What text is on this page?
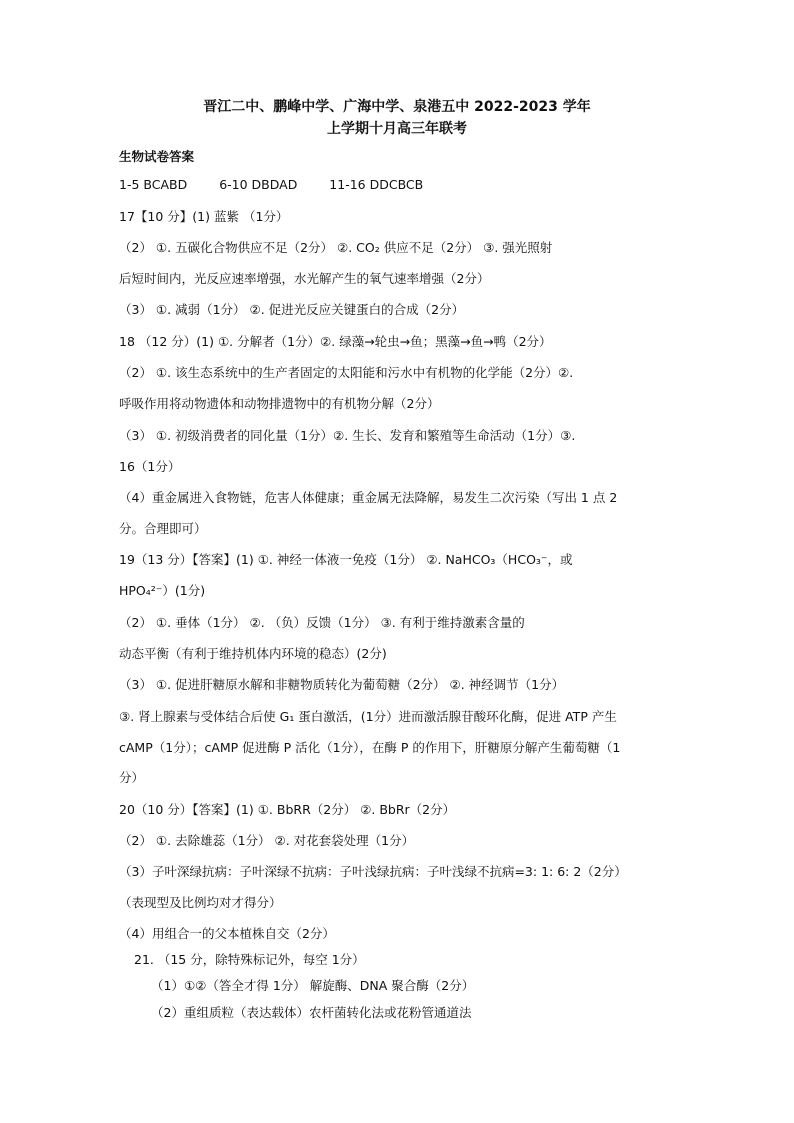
晋江二中、鹏峰中学、广海中学、泉港五中 2022-2023 学年
上学期十月高三年联考
生物试卷答案
1-5 BCABD	6-10 DBDAD	11-16 DDCBCB
17【10 分】(1) 蓝紫 （1分）
（2） ①. 五碳化合物供应不足（2分） ②. CO₂ 供应不足（2分） ③. 强光照射
后短时间内，光反应速率增强，水光解产生的氧气速率增强（2分）
（3） ①. 减弱（1分） ②. 促进光反应关键蛋白的合成（2分）
18 （12 分）(1) ①. 分解者（1分）②. 绿藻→轮虫→鱼；黑藻→鱼→鸭（2分）
（2） ①. 该生态系统中的生产者固定的太阳能和污水中有机物的化学能（2分）②.
呼吸作用将动物遗体和动物排遗物中的有机物分解（2分）
（3） ①. 初级消费者的同化量（1分）②. 生长、发育和繁殖等生命活动（1分）③.
16（1分）
（4）重金属进入食物链，危害人体健康；重金属无法降解，易发生二次污染（写出 1 点 2
分。合理即可）
19（13 分）【答案】(1) ①. 神经一体液一免疫（1分） ②. NaHCO₃（HCO₃⁻，或
HPO₄²⁻）(1分)
（2） ①. 垂体（1分） ②. （负）反馈（1分） ③. 有利于维持激素含量的
动态平衡（有利于维持机体内环境的稳态）(2分)
（3） ①. 促进肝糖原水解和非糖物质转化为葡萄糖（2分） ②. 神经调节（1分）
③. 肾上腺素与受体结合后使 G₁ 蛋白激活，(1分）进而激活腺苷酸环化酶，促进 ATP 产生
cAMP（1分）；cAMP 促进酶 P 活化（1分），在酶 P 的作用下，肝糖原分解产生葡萄糖（1
分）
20（10 分）【答案】(1) ①. BbRR（2分） ②. BbRr（2分）
（2） ①. 去除雄蕊（1分） ②. 对花套袋处理（1分）
（3）子叶深绿抗病：子叶深绿不抗病：子叶浅绿抗病：子叶浅绿不抗病=3: 1: 6: 2（2分）
（表现型及比例均对才得分）
（4）用组合一的父本植株自交（2分）
21. （15 分，除特殊标记外，每空 1分）
（1）①②（答全才得 1分） 解旋酶、DNA 聚合酶（2分）
（2）重组质粒（表达载体）农杆菌转化法或花粉管通道法
